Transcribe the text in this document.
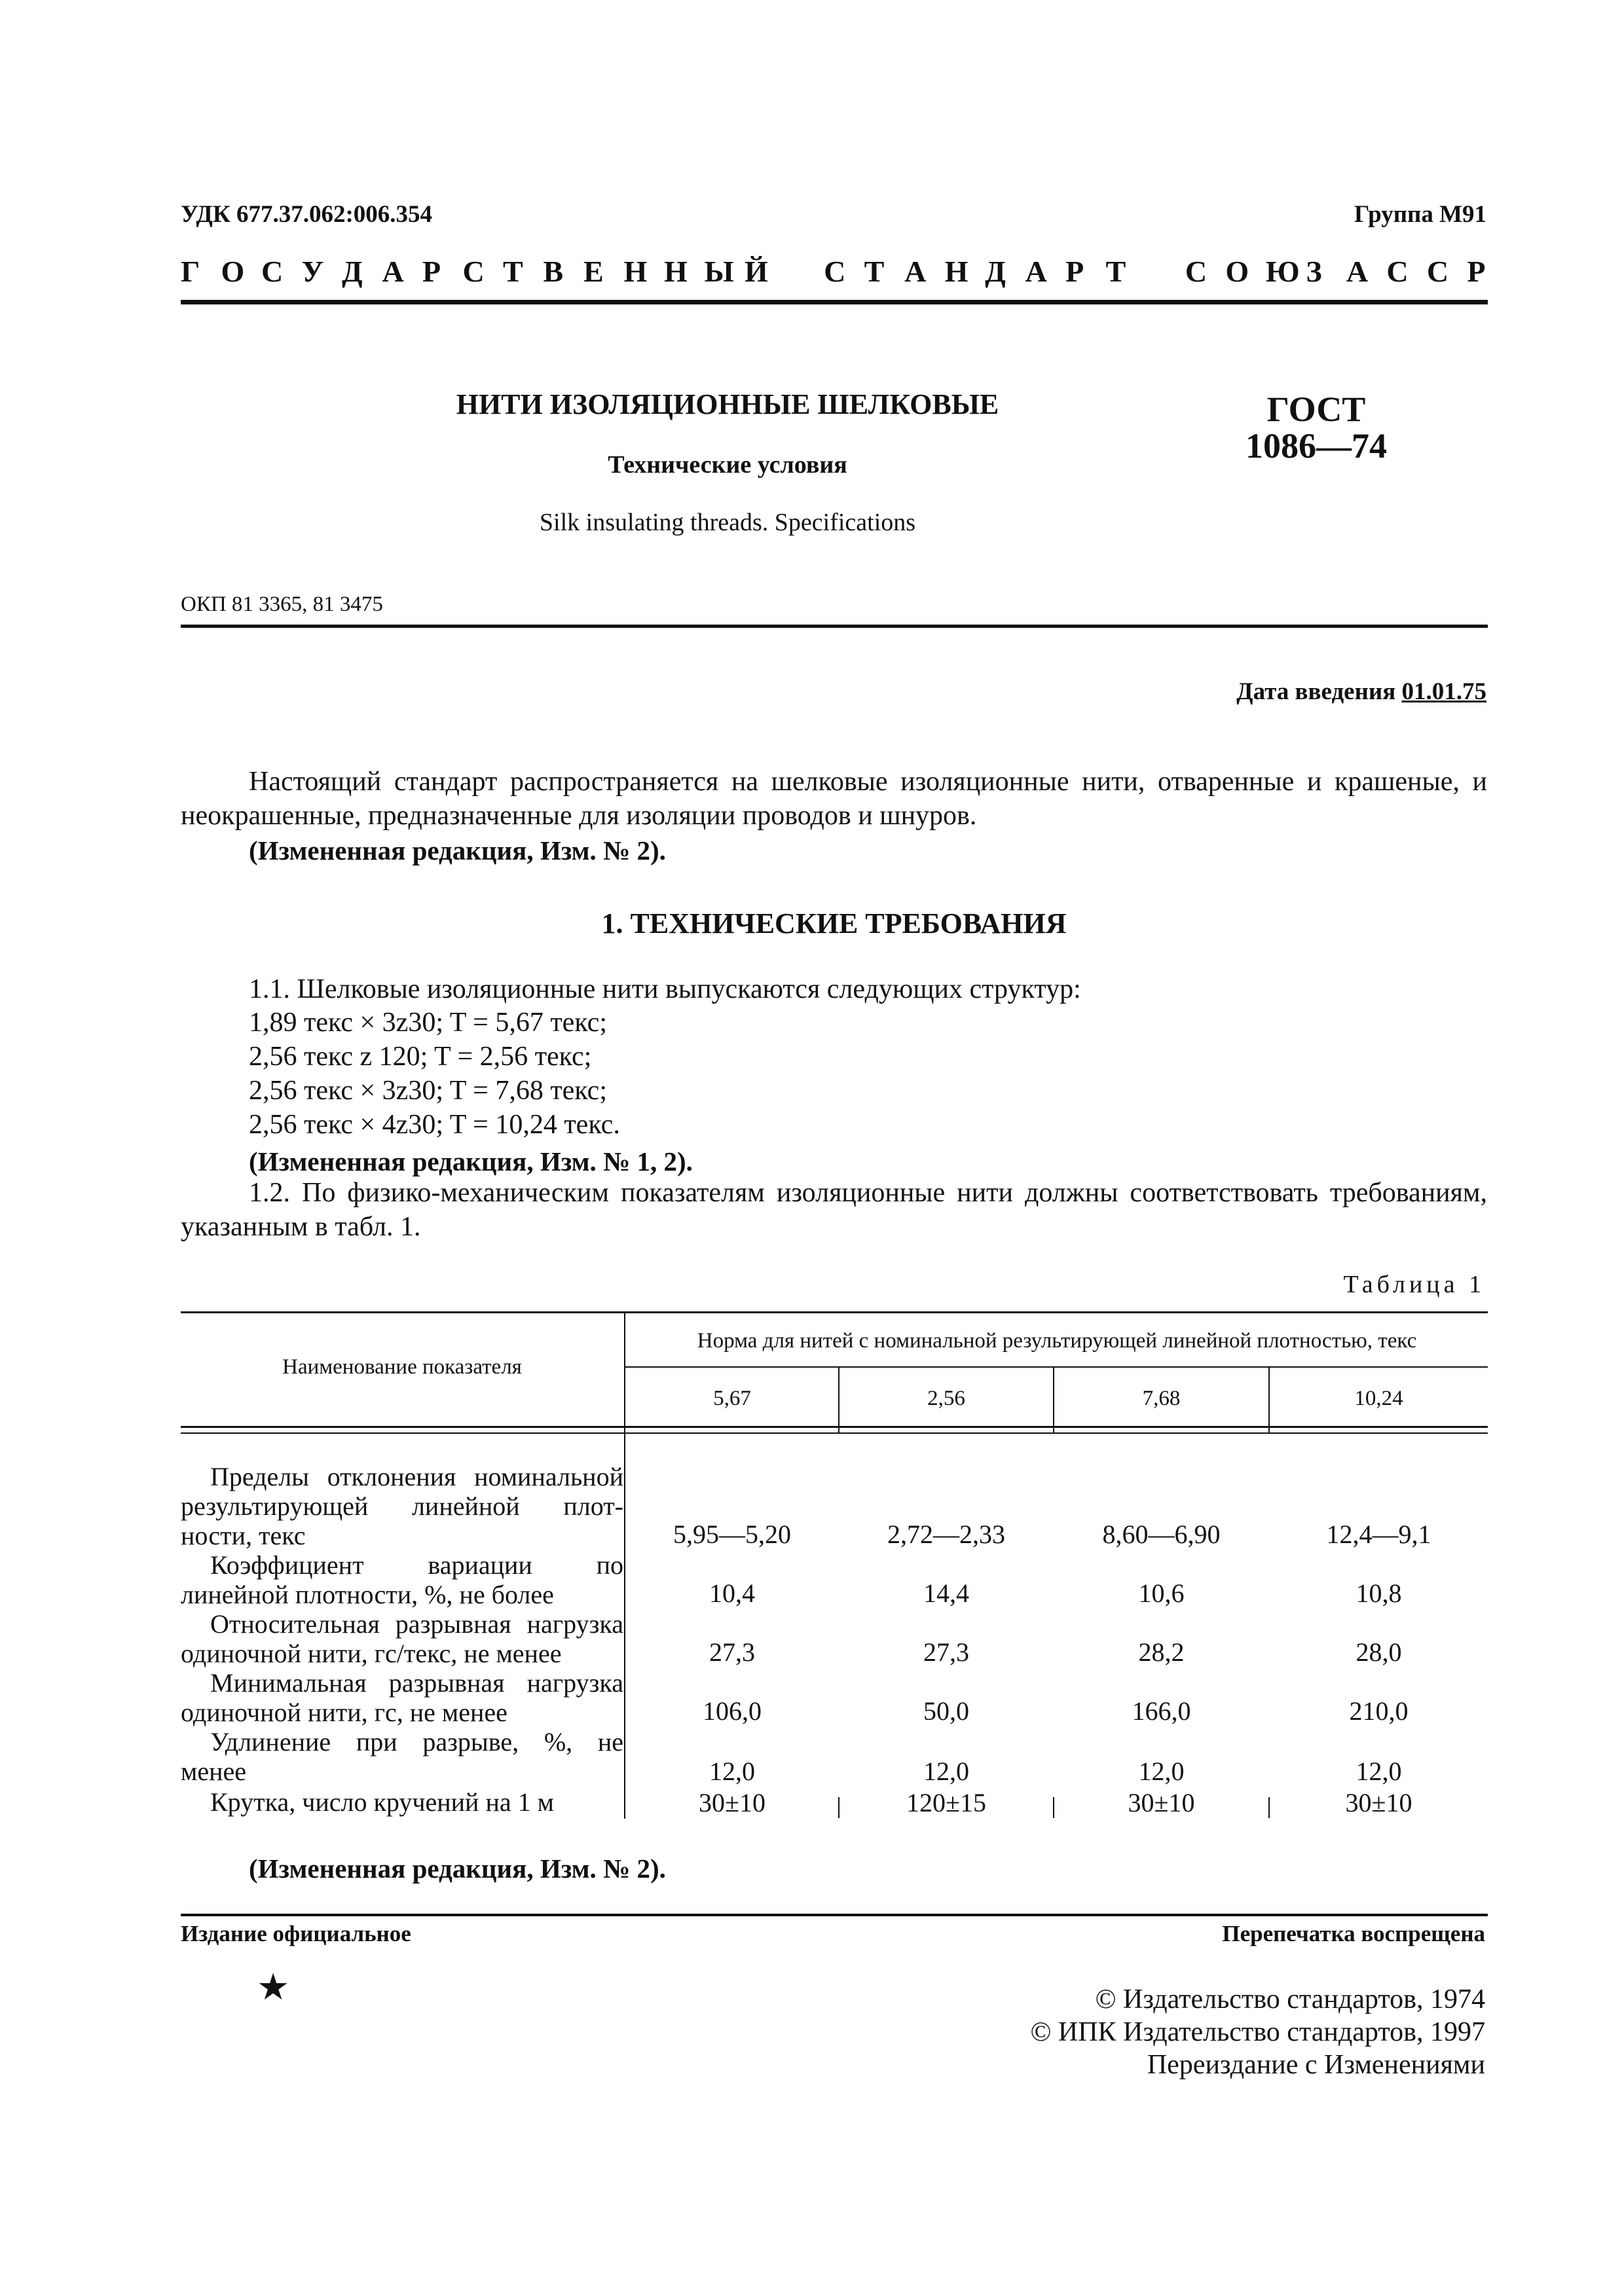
УДК 677.37.062:006.354	Группа М91
Г О С У Д А Р С Т В Е Н Н Ы Й С Т А Н Д А Р Т С О Ю З А С С Р
НИТИ ИЗОЛЯЦИОННЫЕ ШЕЛКОВЫЕ
Технические условия
Silk insulating threads. Specifications
ГОСТ
1086—74
ОКП 81 3365, 81 3475
Дата введения 01.01.75
Настоящий стандарт распространяется на шелковые изоляционные нити, отваренные и крашеные, и неокрашенные, предназначенные для изоляции проводов и шнуров.
(Измененная редакция, Изм. № 2).
1. ТЕХНИЧЕСКИЕ ТРЕБОВАНИЯ
1.1. Шелковые изоляционные нити выпускаются следующих структур:
1,89 текс × 3z30; T = 5,67 текс;
2,56 текс z 120; T = 2,56 текс;
2,56 текс × 3z30; T = 7,68 текс;
2,56 текс × 4z30; T = 10,24 текс.
(Измененная редакция, Изм. № 1, 2).
1.2. По физико-механическим показателям изоляционные нити должны соответствовать требованиям, указанным в табл. 1.
Таблица 1
Наименование показателя
Норма для нитей с номинальной результирующей линейной плотностью, текс
5,67	2,56	7,68	10,24
Пределы отклонения номинальной
результирующей линейной плот-
ности, текс	5,95—5,20	2,72—2,33	8,60—6,90	12,4—9,1
Коэффициент вариации по
линейной плотности, %, не более	10,4	14,4	10,6	10,8
Относительная разрывная нагрузка
одиночной нити, гс/текс, не менее	27,3	27,3	28,2	28,0
Минимальная разрывная нагрузка
одиночной нити, гс, не менее	106,0	50,0	166,0	210,0
Удлинение при разрыве, %, не
менее	12,0	12,0	12,0	12,0
Крутка, число кручений на 1 м	30±10	120±15	30±10	30±10
(Измененная редакция, Изм. № 2).
Издание официальное	Перепечатка воспрещена
★	© Издательство стандартов, 1974
© ИПК Издательство стандартов, 1997
Переиздание с Изменениями
